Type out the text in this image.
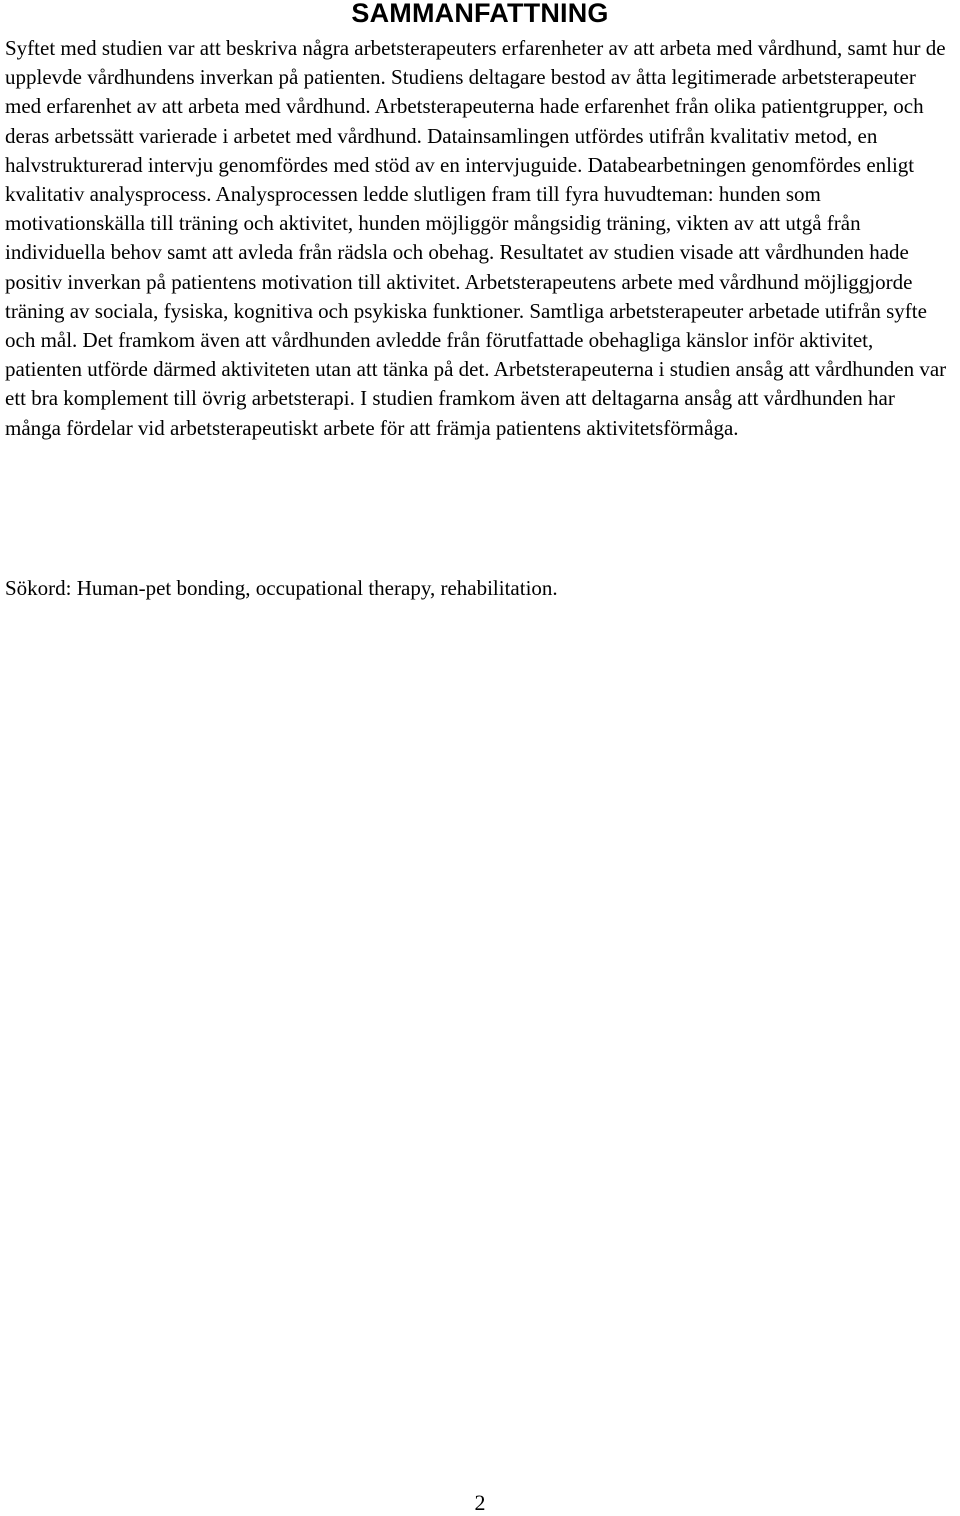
SAMMANFATTNING

Syftet med studien var att beskriva några arbetsterapeuters erfarenheter av att arbeta med vårdhund, samt hur de upplevde vårdhundens inverkan på patienten. Studiens deltagare bestod av åtta legitimerade arbetsterapeuter med erfarenhet av att arbeta med vårdhund. Arbetsterapeuterna hade erfarenhet från olika patientgrupper, och deras arbetssätt varierade i arbetet med vårdhund. Datainsamlingen utfördes utifrån kvalitativ metod, en halvstrukturerad intervju genomfördes med stöd av en intervjuguide. Databearbetningen genomfördes enligt kvalitativ analysprocess. Analysprocessen ledde slutligen fram till fyra huvudteman: hunden som motivationskälla till träning och aktivitet, hunden möjliggör mångsidig träning, vikten av att utgå från individuella behov samt att avleda från rädsla och obehag. Resultatet av studien visade att vårdhunden hade positiv inverkan på patientens motivation till aktivitet. Arbetsterapeutens arbete med vårdhund möjliggjorde träning av sociala, fysiska, kognitiva och psykiska funktioner. Samtliga arbetsterapeuter arbetade utifrån syfte och mål. Det framkom även att vårdhunden avledde från förutfattade obehagliga känslor inför aktivitet, patienten utförde därmed aktiviteten utan att tänka på det. Arbetsterapeuterna i studien ansåg att vårdhunden var ett bra komplement till övrig arbetsterapi. I studien framkom även att deltagarna ansåg att vårdhunden har många fördelar vid arbetsterapeutiskt arbete för att främja patientens aktivitetsförmåga.

Sökord: Human-pet bonding, occupational therapy, rehabilitation.

2
